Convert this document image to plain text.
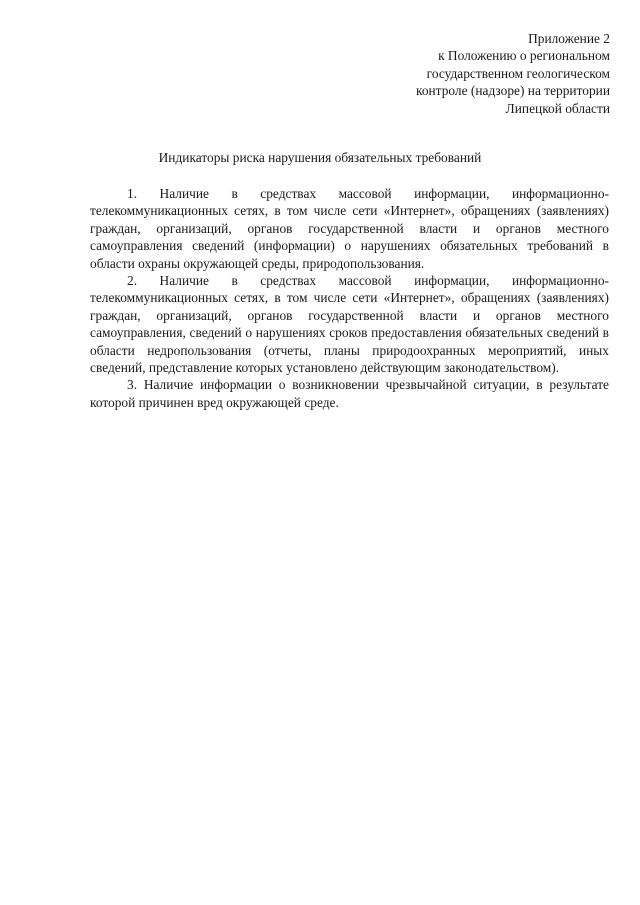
Приложение 2
к Положению о региональном
государственном геологическом
контроле (надзоре) на территории
Липецкой области
Индикаторы риска нарушения обязательных требований

1. Наличие в средствах массовой информации, информационно-телекоммуникационных сетях, в том числе сети «Интернет», обращениях (заявлениях) граждан, организаций, органов государственной власти и органов местного самоуправления сведений (информации) о нарушениях обязательных требований в области охраны окружающей среды, природопользования.

2. Наличие в средствах массовой информации, информационно-телекоммуникационных сетях, в том числе сети «Интернет», обращениях (заявлениях) граждан, организаций, органов государственной власти и органов местного самоуправления, сведений о нарушениях сроков предоставления обязательных сведений в области недропользования (отчеты, планы природоохранных мероприятий, иных сведений, представление которых установлено действующим законодательством).

3. Наличие информации о возникновении чрезвычайной ситуации, в результате которой причинен вред окружающей среде.
